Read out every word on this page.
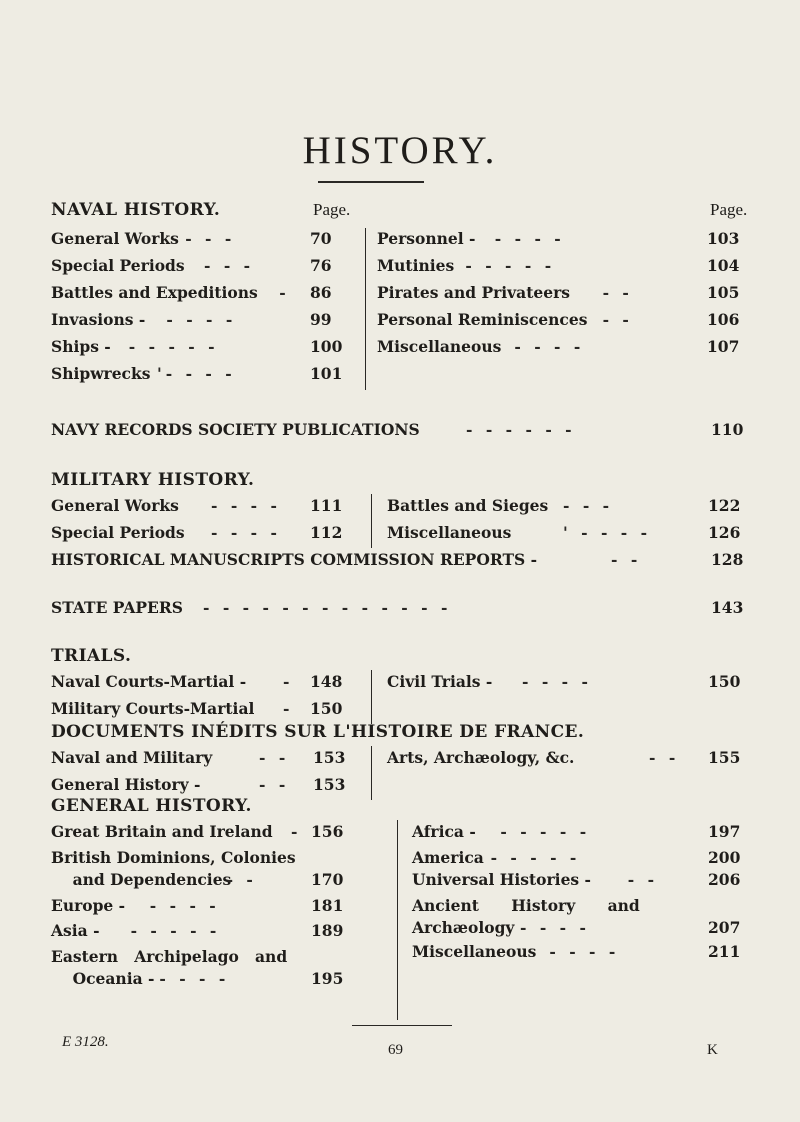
HISTORY.
NAVAL HISTORY.	Page.	Page.
General Works - - -	70
Special Periods - - -	76
Battles and Expeditions - 86
Invasions - - - - -	99
Ships - - - - - -	100
Shipwrecks '- - - -	101
Personnel - - - - -	103
Mutinies - - - - -	104
Pirates and Privateers - -	105
Personal Reminiscences - -	106
Miscellaneous - - - -	107
NAVY RECORDS SOCIETY PUBLICATIONS	- - - - - -	110
MILITARY HISTORY.
General Works - - - - 111
Special Periods - - - - 112
Battles and Sieges - - -	122
Miscellaneous	' - - - -	126
HISTORICAL MANUSCRIPTS COMMISSION REPORTS -	- -	128
STATE PAPERS - - - - - - - - - - - - -	143
TRIALS.
Naval Courts-Martial - - 148
Military Courts-Martial - 150
Civil Trials - - - - -	150
DOCUMENTS INÉDITS SUR L'HISTOIRE DE FRANCE.
Naval and Military	- - 153
General History -	- - 153
Arts, Archæology, &c.	- - 155
GENERAL HISTORY.
Great Britain and Ireland - 156
British Dominions, Colonies
and Dependencies
- -	170
Europe - - - - -	181
Asia - - - - - -	189
Eastern   Archipelago   and
Oceania - - - - -	195
Africa - - - - - -	197
America - - - - -	200
Universal Histories - - -	206
Ancient      History      and
Archæology - - - -	207
Miscellaneous - - - -	211
E 3128.	69	K
